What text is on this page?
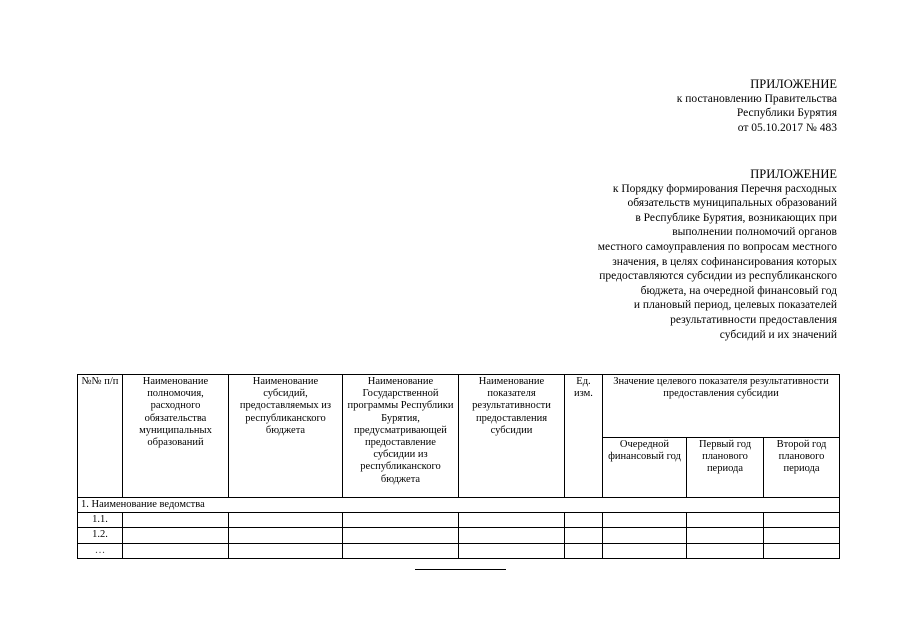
ПРИЛОЖЕНИЕ
к постановлению Правительства
Республики Бурятия
от 05.10.2017 № 483
ПРИЛОЖЕНИЕ
к Порядку формирования Перечня расходных
обязательств муниципальных образований
в Республике Бурятия, возникающих при
выполнении полномочий органов
местного самоуправления по вопросам местного
значения, в целях софинансирования которых
предоставляются субсидии из республиканского
бюджета, на очередной финансовый год
и плановый период, целевых показателей
результативности предоставления
субсидий и их значений
№№ п/п	Наименование полномочия, расходного обязательства муниципальных образований	Наименование субсидий, предоставляемых из республиканского бюджета	Наименование Государственной программы Республики Бурятия, предусматривающей предоставление субсидии из республиканского бюджета	Наименование показателя результативности предоставления субсидии	Ед. изм.	Значение целевого показателя результативности предоставления субсидии		
						Очередной финансовый год	Первый год планового периода	Второй год планового периода
1. Наименование ведомства								
1.1.								
1.2.								
…								
